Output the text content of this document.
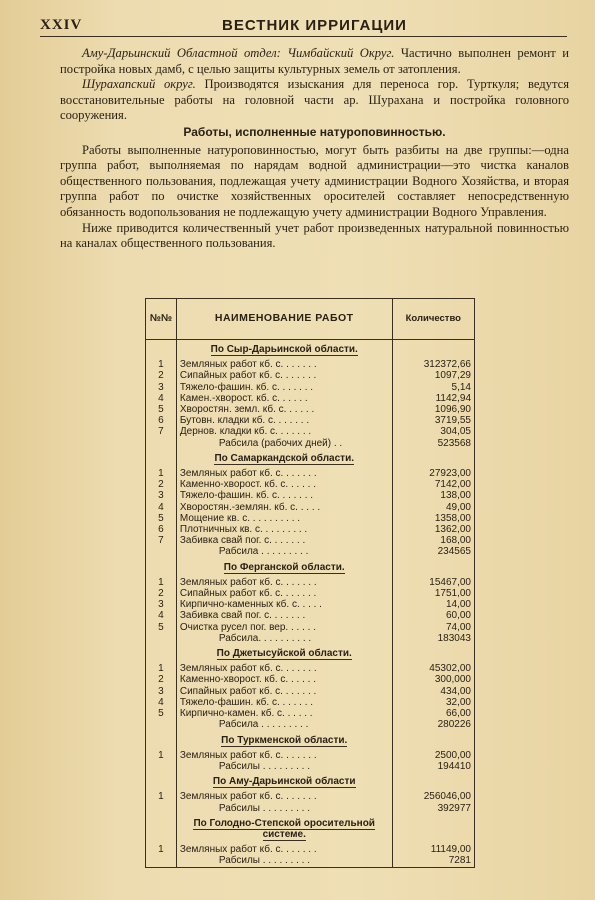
XXIV	ВЕСТНИК ИРРИГАЦИИ

Аму-Дарьинский Областной отдел: Чимбайский Округ. Частично выполнен ремонт и постройка новых дамб, с целью защиты культурных земель от затопления.

Шурахапский округ. Производятся изыскания для переноса гор. Турткуля; ведутся восстановительные работы на головной части ар. Шурахана и постройка головного сооружения.

Работы, исполненные натуроповинностью.

Работы выполненные натуроповинностью, могут быть разбиты на две группы:—одна группа работ, выполняемая по нарядам водной администрации—это чистка каналов общественного пользования, подлежащая учету администрации Водного Хозяйства, и вторая группа работ по очистке хозяйственных оросителей составляет непосредственную обязанность водопользования не подлежащую учету администрации Водного Управления.

Ниже приводится количественный учет работ произведенных натуральной повинностью на каналах общественного пользования.

№№	НАИМЕНОВАНИЕ РАБОТ	Количество
	По Сыр-Дарьинской области.	
1	Земляных работ кб. с. . . . . . .	312372,66
2	Сипайных работ кб. с. . . . . . .	1097,29
3	Тяжело-фашин. кб. с. . . . . . .	5,14
4	Камен.-хворост. кб. с. . . . . .	1142,94
5	Хворостян. земл. кб. с. . . . . .	1096,90
6	Бутовн. кладки кб. с. . . . . . .	3719,55
7	Дернов. кладки кб. с. . . . . . .	304,05
	Рабсила (рабочих дней) . .	523568
	По Самаркандской области.	
1	Земляных работ кб. с. . . . . . .	27923,00
2	Каменно-хворост. кб. с. . . . . .	7142,00
3	Тяжело-фашин. кб. с. . . . . . .	138,00
4	Хворостян.-землян. кб. с. . . . .	49,00
5	Мощение кв. с. . . . . . . . . .	1358,00
6	Плотничных кв. с. . . . . . . . .	1362,00
7	Забивка свай пог. с. . . . . . .	168,00
	Рабсила . . . . . . . . .	234565
	По Ферганской области.	
1	Земляных работ кб. с. . . . . . .	15467,00
2	Сипайных работ кб. с. . . . . . .	1751,00
3	Кирпично-каменных кб. с. . . . .	14,00
4	Забивка свай пог. с. . . . . . .	60,00
5	Очистка русел пог. вер. . . . . .	74,00
	Рабсила. . . . . . . . . .	183043
	По Джетысуйской области.	
1	Земляных работ кб. с. . . . . . .	45302,00
2	Каменно-хворост. кб. с. . . . . .	300,000
3	Сипайных работ кб. с. . . . . . .	434,00
4	Тяжело-фашин. кб. с. . . . . . .	32,00
5	Кирпично-камен. кб. с. . . . . .	66,00
	Рабсила . . . . . . . . .	280226
	По Туркменской области.	
1	Земляных работ кб. с. . . . . . .	2500,00
	Рабсилы . . . . . . . . .	194410
	По Аму-Дарьинской области	
1	Земляных работ кб. с. . . . . . .	256046,00
	Рабсилы . . . . . . . . .	392977
	По Голодно-Степской оросительной системе.	
1	Земляных работ кб. с. . . . . . .	11149,00
	Рабсилы . . . . . . . . .	7281
